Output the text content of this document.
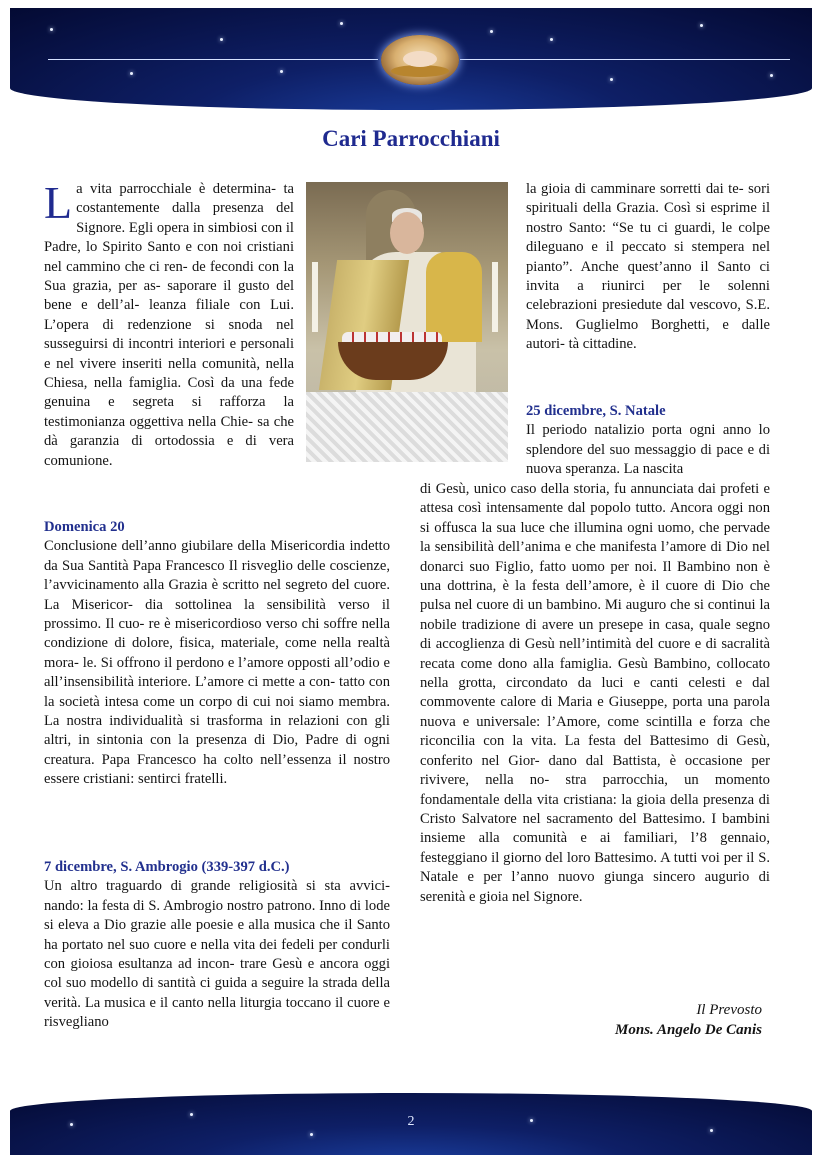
Cari Parrocchiani

La vita parrocchiale è determina- ta costantemente dalla presenza del Signore. Egli opera in simbiosi con il Padre, lo Spirito Santo e con noi cristiani nel cammino che ci ren- de fecondi con la Sua grazia, per as- saporare il gusto del bene e dell’al- leanza filiale con Lui. L’opera di redenzione si snoda nel susseguirsi di incontri interiori e personali e nel vivere inseriti nella comunità, nella Chiesa, nella famiglia. Così da una fede genuina e segreta si rafforza la testimonianza oggettiva nella Chie- sa che dà garanzia di ortodossia e di vera comunione.

la gioia di camminare sorretti dai te- sori spirituali della Grazia. Così si esprime il nostro Santo: “Se tu ci guardi, le colpe dileguano e il peccato si stempera nel pianto”. Anche quest’anno il Santo ci invita a riunirci per le solenni celebrazioni presiedute dal vescovo, S.E. Mons. Guglielmo Borghetti, e dalle autori- tà cittadine.

Domenica 20

Conclusione dell’anno giubilare della Misericordia indetto da Sua Santità Papa Francesco Il risveglio delle coscienze, l’avvicinamento alla Grazia è scritto nel segreto del cuore. La Misericor- dia sottolinea la sensibilità verso il prossimo. Il cuo- re è misericordioso verso chi soffre nella condizione di dolore, fisica, materiale, come nella realtà mora- le. Si offrono il perdono e l’amore opposti all’odio e all’insensibilità interiore. L’amore ci mette a con- tatto con la società intesa come un corpo di cui noi siamo membra. La nostra individualità si trasforma in relazioni con gli altri, in sintonia con la presenza di Dio, Padre di ogni creatura. Papa Francesco ha colto nell’essenza il nostro essere cristiani: sentirci fratelli.

7 dicembre, S. Ambrogio (339-397 d.C.)

Un altro traguardo di grande religiosità si sta avvici- nando: la festa di S. Ambrogio nostro patrono. Inno di lode si eleva a Dio grazie alle poesie e alla musica che il Santo ha portato nel suo cuore e nella vita dei fedeli per condurli con gioiosa esultanza ad incon- trare Gesù e ancora oggi col suo modello di santità ci guida a seguire la strada della verità. La musica e il canto nella liturgia toccano il cuore e risvegliano

25 dicembre, S. Natale

Il periodo natalizio porta ogni anno lo splendore del suo messaggio di pace e di nuova speranza. La nascita

di Gesù, unico caso della storia, fu annunciata dai profeti e attesa così intensamente dal popolo tutto. Ancora oggi non si offusca la sua luce che illumina ogni uomo, che pervade la sensibilità dell’anima e che manifesta l’amore di Dio nel donarci suo Figlio, fatto uomo per noi. Il Bambino non è una dottrina, è la festa dell’amore, è il cuore di Dio che pulsa nel cuore di un bambino. Mi auguro che si continui la nobile tradizione di avere un presepe in casa, quale segno di accoglienza di Gesù nell’intimità del cuore e di sacralità recata come dono alla famiglia. Gesù Bambino, collocato nella grotta, circondato da luci e canti celesti e dal commovente calore di Maria e Giuseppe, porta una parola nuova e universale: l’Amore, come scintilla e forza che riconcilia con la vita. La festa del Battesimo di Gesù, conferito nel Gior- dano dal Battista, è occasione per rivivere, nella no- stra parrocchia, un momento fondamentale della vita cristiana: la gioia della presenza di Cristo Salvatore nel sacramento del Battesimo. I bambini insieme alla comunità e ai familiari, l’8 gennaio, festeggiano il giorno del loro Battesimo. A tutti voi per il S. Natale e per l’anno nuovo giunga sincero augurio di serenità e gioia nel Signore.

Il Prevosto
Mons. Angelo De Canis
2
